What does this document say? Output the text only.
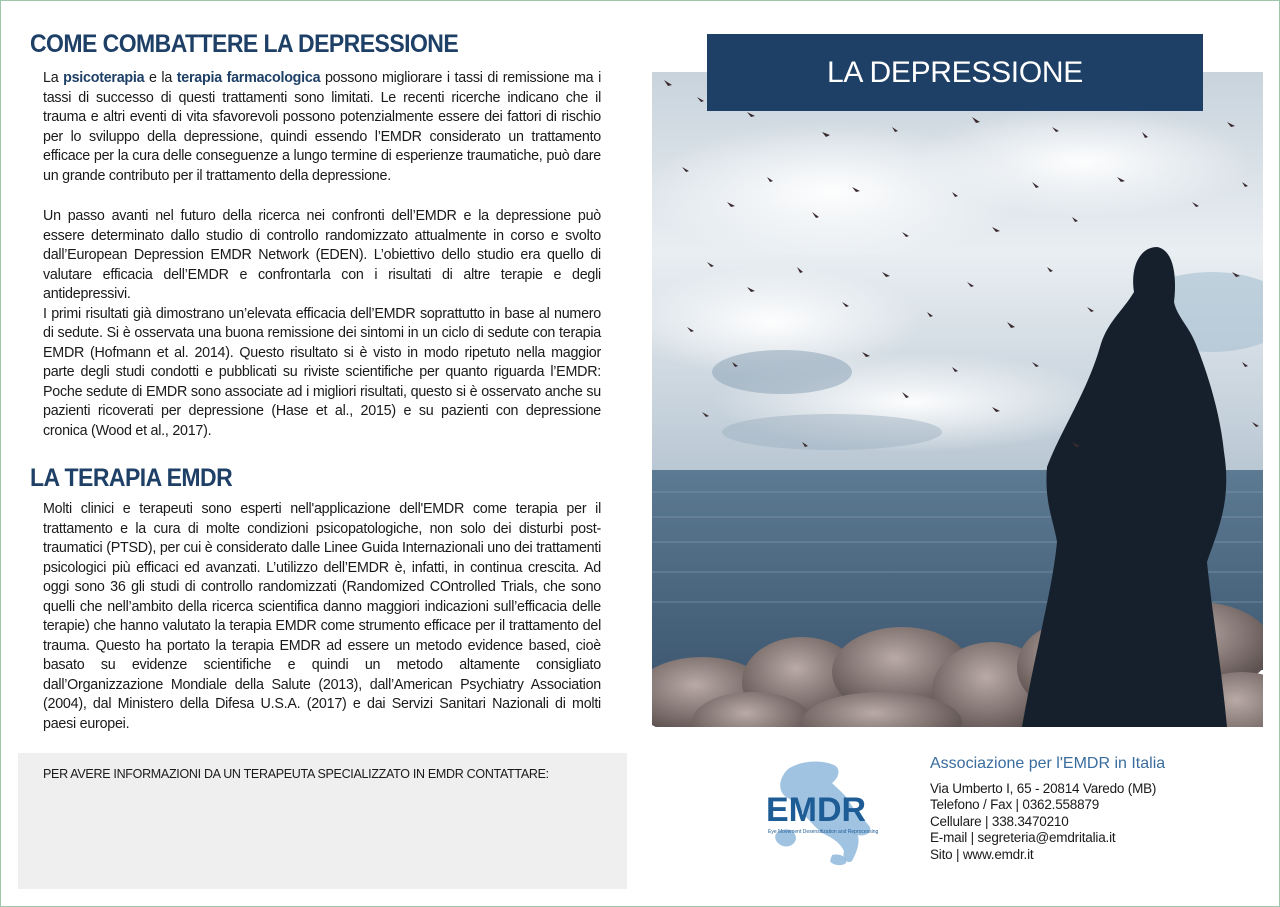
COME COMBATTERE LA DEPRESSIONE
La psicoterapia e la terapia farmacologica possono migliorare i tassi di remissione ma i tassi di successo di questi trattamenti sono limitati. Le recenti ricerche indicano che il trauma e altri eventi di vita sfavorevoli possono potenzialmente essere dei fattori di rischio per lo sviluppo della depressione, quindi essendo l’EMDR considerato un trattamento efficace per la cura delle conseguenze a lungo termine di esperienze traumatiche, può dare un grande contributo per il trattamento della depressione.
Un passo avanti nel futuro della ricerca nei confronti dell’EMDR e la depressione può essere determinato dallo studio di controllo randomizzato attualmente in corso e svolto dall’European Depression EMDR Network (EDEN). L’obiettivo dello studio era quello di valutare efficacia dell’EMDR e confrontarla con i risultati di altre terapie e degli antidepressivi.
I primi risultati già dimostrano un’elevata efficacia dell’EMDR soprattutto in base al numero di sedute. Si è osservata una buona remissione dei sintomi in un ciclo di sedute con terapia EMDR (Hofmann et al. 2014). Questo risultato si è visto in modo ripetuto nella maggior parte degli studi condotti e pubblicati su riviste scientifiche per quanto riguarda l’EMDR: Poche sedute di EMDR sono associate ad i migliori risultati, questo si è osservato anche su pazienti ricoverati per depressione (Hase et al., 2015) e su pazienti con depressione cronica (Wood et al., 2017).
LA TERAPIA EMDR
Molti clinici e terapeuti sono esperti nell'applicazione dell'EMDR come terapia per il trattamento e la cura di molte condizioni psicopatologiche, non solo dei disturbi post-traumatici (PTSD), per cui è considerato dalle Linee Guida Internazionali uno dei trattamenti psicologici più efficaci ed avanzati. L’utilizzo dell’EMDR è, infatti, in continua crescita. Ad oggi sono 36 gli studi di controllo randomizzati (Randomized COntrolled Trials, che sono quelli che nell’ambito della ricerca scientifica danno maggiori indicazioni sull’efficacia delle terapie) che hanno valutato la terapia EMDR come strumento efficace per il trattamento del trauma. Questo ha portato la terapia EMDR ad essere un metodo evidence based, cioè basato su evidenze scientifiche e quindi un metodo altamente consigliato dall’Organizzazione Mondiale della Salute (2013), dall’American Psychiatry Association (2004), dal Ministero della Difesa U.S.A. (2017) e dai Servizi Sanitari Nazionali di molti paesi europei.
PER AVERE INFORMAZIONI DA UN TERAPEUTA SPECIALIZZATO IN EMDR CONTATTARE:
LA DEPRESSIONE
EMDR
Eye Movement Desensitization and Reprocessing
Associazione per l'EMDR in Italia
Via Umberto I, 65 - 20814 Varedo (MB)
Telefono / Fax | 0362.558879
Cellulare | 338.3470210
E-mail | segreteria@emdritalia.it
Sito | www.emdr.it
